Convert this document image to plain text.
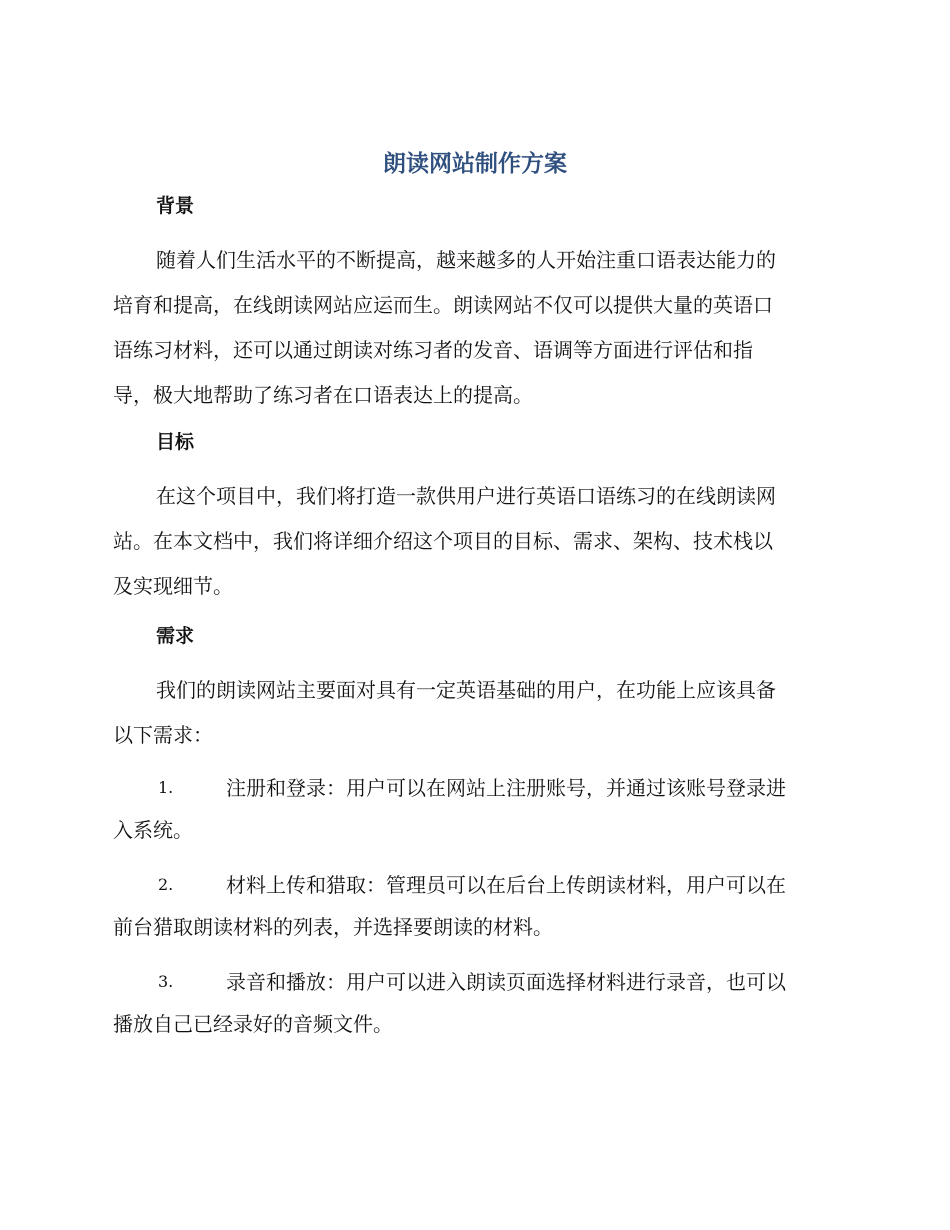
朗读网站制作方案
背景
随着人们生活水平的不断提高，越来越多的人开始注重口语表达能力的
培育和提高，在线朗读网站应运而生。朗读网站不仅可以提供大量的英语口
语练习材料，还可以通过朗读对练习者的发音、语调等方面进行评估和指
导，极大地帮助了练习者在口语表达上的提高。
目标
在这个项目中，我们将打造一款供用户进行英语口语练习的在线朗读网
站。在本文档中，我们将详细介绍这个项目的目标、需求、架构、技术栈以
及实现细节。
需求
我们的朗读网站主要面对具有一定英语基础的用户，在功能上应该具备
以下需求：
1.	注册和登录：用户可以在网站上注册账号，并通过该账号登录进
入系统。
2.	材料上传和猎取：管理员可以在后台上传朗读材料，用户可以在
前台猎取朗读材料的列表，并选择要朗读的材料。
3.	录音和播放：用户可以进入朗读页面选择材料进行录音，也可以
播放自己已经录好的音频文件。
